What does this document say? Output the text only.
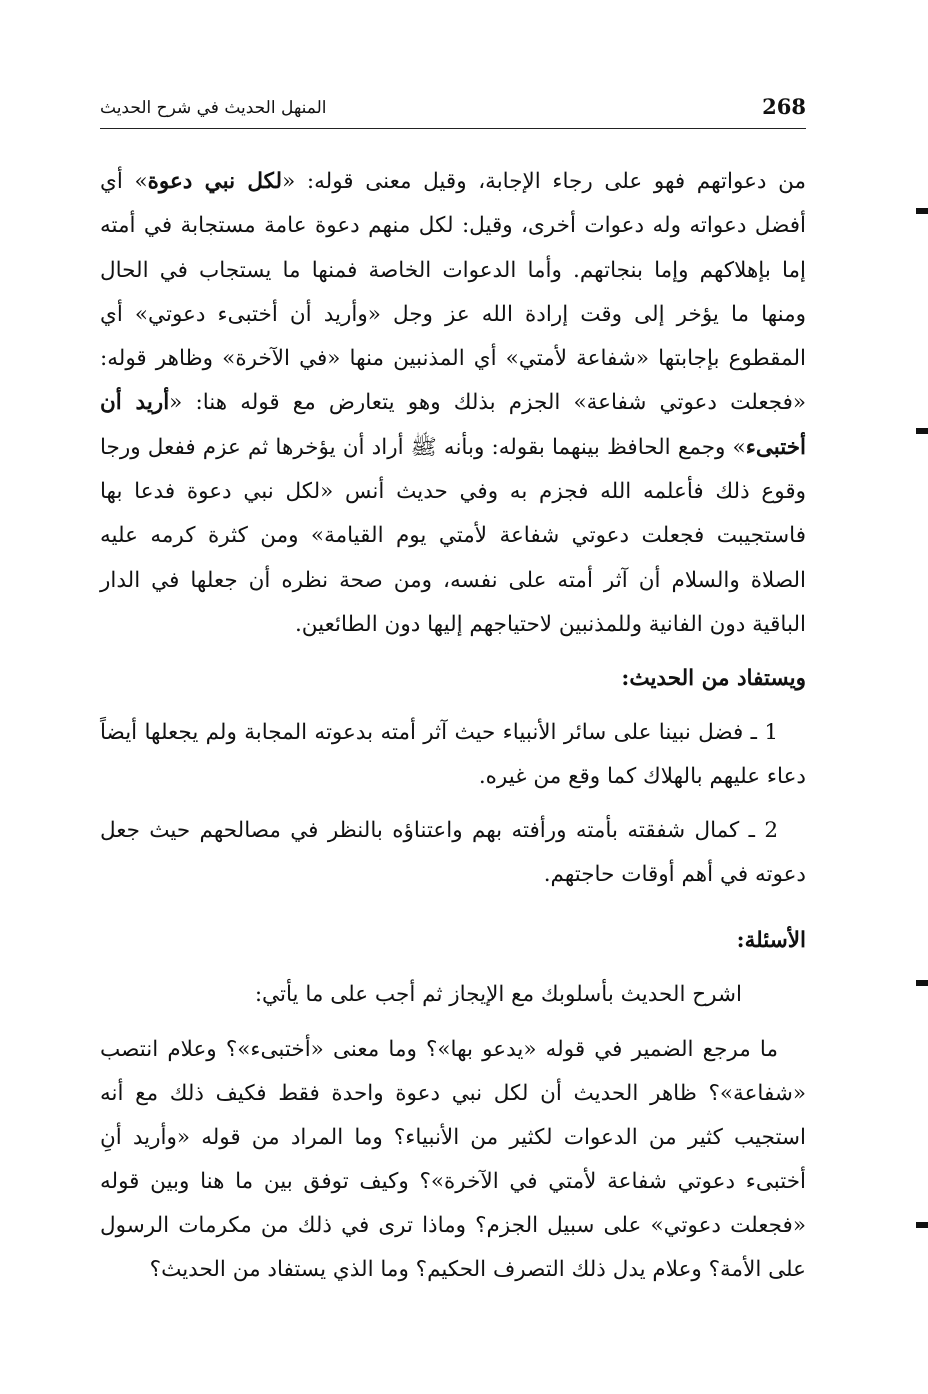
268
المنهل الحديث في شرح الحديث

من دعواتهم فهو على رجاء الإجابة، وقيل معنى قوله: «لكل نبي دعوة» أي أفضل دعواته وله دعوات أخرى، وقيل: لكل منهم دعوة عامة مستجابة في أمته إما بإهلاكهم وإما بنجاتهم. وأما الدعوات الخاصة فمنها ما يستجاب في الحال ومنها ما يؤخر إلى وقت إرادة الله عز وجل «وأريد أن أختبىء دعوتي» أي المقطوع بإجابتها «شفاعة لأمتي» أي المذنبين منها «في الآخرة» وظاهر قوله: «فجعلت دعوتي شفاعة» الجزم بذلك وهو يتعارض مع قوله هنا: «أريد أن أختبىء» وجمع الحافظ بينهما بقوله: وبأنه ﷺ أراد أن يؤخرها ثم عزم ففعل ورجا وقوع ذلك فأعلمه الله فجزم به وفي حديث أنس «لكل نبي دعوة فدعا بها فاستجيبت فجعلت دعوتي شفاعة لأمتي يوم القيامة» ومن كثرة كرمه عليه الصلاة والسلام أن آثر أمته على نفسه، ومن صحة نظره أن جعلها في الدار الباقية دون الفانية وللمذنبين لاحتياجهم إليها دون الطائعين.

ويستفاد من الحديث:

1 ـ فضل نبينا على سائر الأنبياء حيث آثر أمته بدعوته المجابة ولم يجعلها أيضاً دعاء عليهم بالهلاك كما وقع من غيره.

2 ـ كمال شفقته بأمته ورأفته بهم واعتناؤه بالنظر في مصالحهم حيث جعل دعوته في أهم أوقات حاجتهم.

الأسئلة:

اشرح الحديث بأسلوبك مع الإيجاز ثم أجب على ما يأتي:

ما مرجع الضمير في قوله «يدعو بها»؟ وما معنى «أختبىء»؟ وعلام انتصب «شفاعة»؟ ظاهر الحديث أن لكل نبي دعوة واحدة فقط فكيف ذلك مع أنه استجيب كثير من الدعوات لكثير من الأنبياء؟ وما المراد من قوله «وأريد أنِ أختبىء دعوتي شفاعة لأمتي في الآخرة»؟ وكيف توفق بين ما هنا وبين قوله «فجعلت دعوتي» على سبيل الجزم؟ وماذا ترى في ذلك من مكرمات الرسول على الأمة؟ وعلام يدل ذلك التصرف الحكيم؟ وما الذي يستفاد من الحديث؟
